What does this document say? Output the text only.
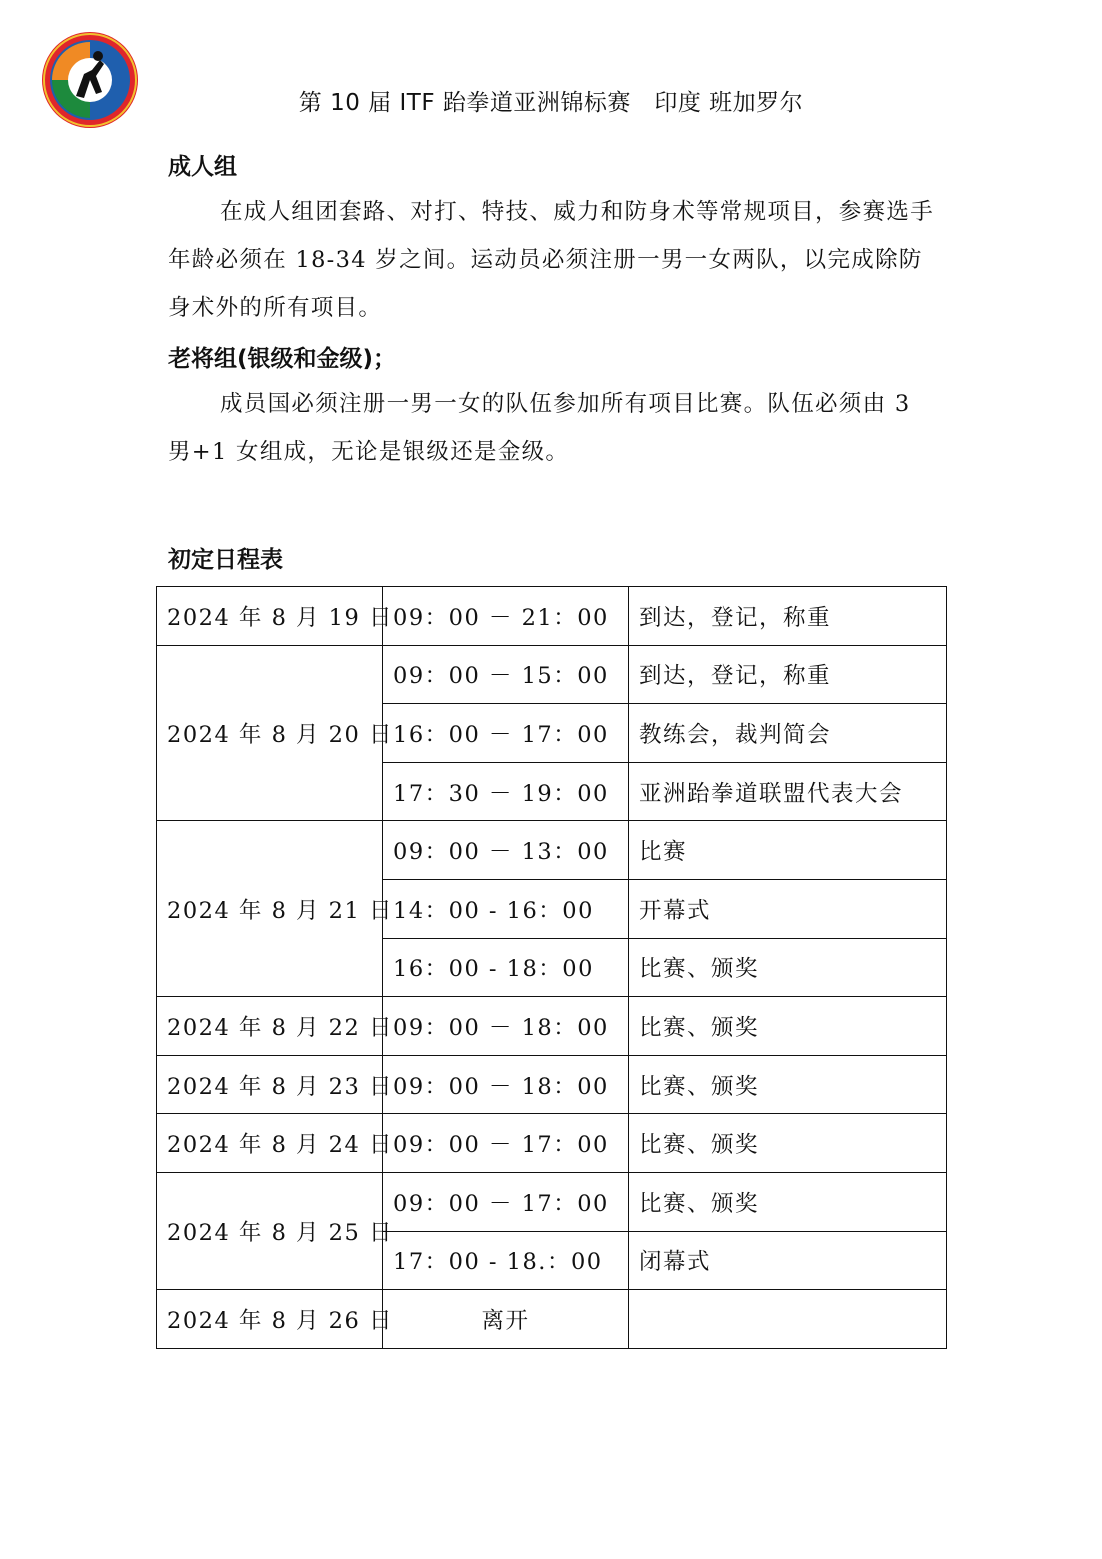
第 10 届 ITF 跆拳道亚洲锦标赛　印度 班加罗尔
成人组
在成人组团套路、对打、特技、威力和防身术等常规项目，参赛选手年龄必须在 18-34 岁之间。运动员必须注册一男一女两队，以完成除防身术外的所有项目。
老将组(银级和金级)；
成员国必须注册一男一女的队伍参加所有项目比赛。队伍必须由 3 男+1 女组成，无论是银级还是金级。
初定日程表
2024 年 8 月 19 日	09：00 － 21：00	到达，登记，称重
2024 年 8 月 20 日	09：00 － 15：00	到达，登记，称重
	16：00 － 17：00	教练会，裁判简会
	17：30 － 19：00	亚洲跆拳道联盟代表大会
2024 年 8 月 21 日	09：00 － 13：00	比赛
	14：00 - 16：00	开幕式
	16：00 - 18：00	比赛、颁奖
2024 年 8 月 22 日	09：00 － 18：00	比赛、颁奖
2024 年 8 月 23 日	09：00 － 18：00	比赛、颁奖
2024 年 8 月 24 日	09：00 － 17：00	比赛、颁奖
2024 年 8 月 25 日	09：00 － 17：00	比赛、颁奖
	17：00 - 18.：00	闭幕式
2024 年 8 月 26 日	离开	
